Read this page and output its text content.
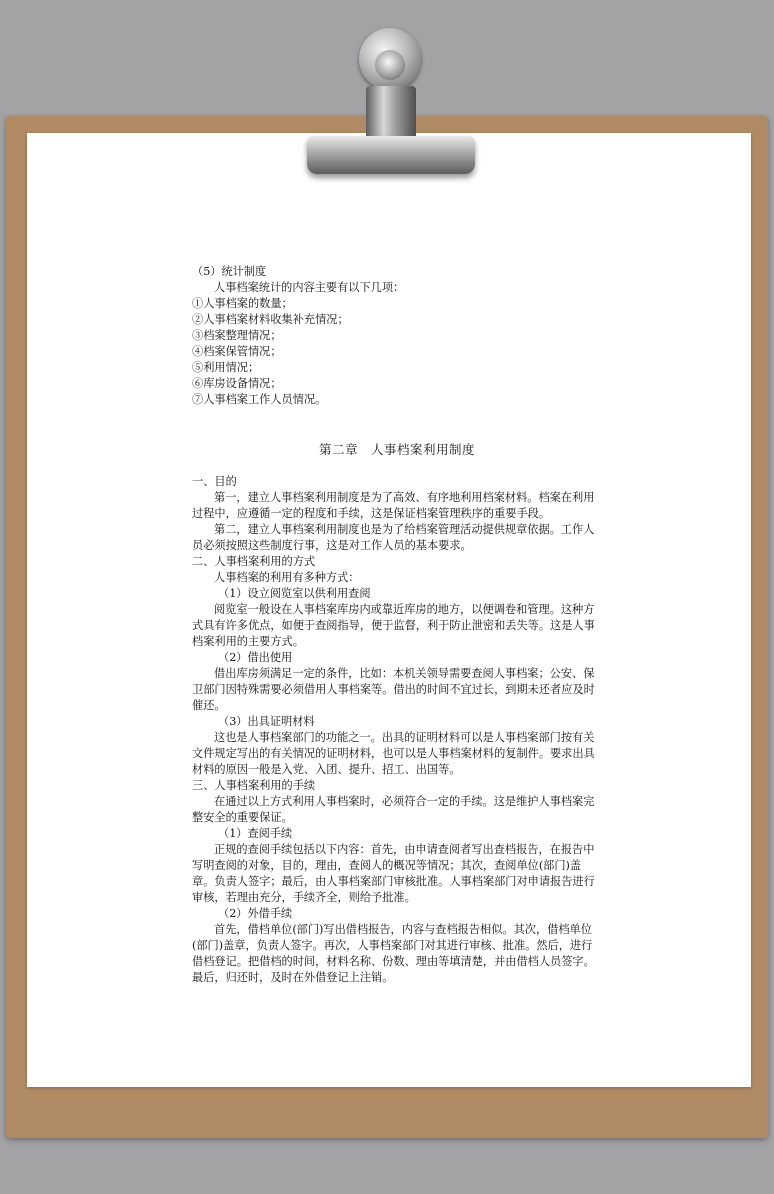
（5）统计制度

人事档案统计的内容主要有以下几项：

①人事档案的数量；

②人事档案材料收集补充情况；

③档案整理情况；

④档案保管情况；

⑤利用情况；

⑥库房设备情况；

⑦人事档案工作人员情况。

第二章　人事档案利用制度

一、目的

第一，建立人事档案利用制度是为了高效、有序地利用档案材料。档案在利用过程中，应遵循一定的程度和手续，这是保证档案管理秩序的重要手段。

第二，建立人事档案利用制度也是为了给档案管理活动提供规章依据。工作人员必须按照这些制度行事，这是对工作人员的基本要求。

二、人事档案利用的方式

人事档案的利用有多种方式：

（1）设立阅览室以供利用查阅

阅览室一般设在人事档案库房内或靠近库房的地方，以便调卷和管理。这种方式具有许多优点，如便于查阅指导，便于监督，利于防止泄密和丢失等。这是人事档案利用的主要方式。

（2）借出使用

借出库房须满足一定的条件，比如：本机关领导需要查阅人事档案；公安、保卫部门因特殊需要必须借用人事档案等。借出的时间不宜过长，到期未还者应及时催还。

（3）出具证明材料

这也是人事档案部门的功能之一。出具的证明材料可以是人事档案部门按有关文件规定写出的有关情况的证明材料，也可以是人事档案材料的复制件。要求出具材料的原因一般是入党、入团、提升、招工、出国等。

三、人事档案利用的手续

在通过以上方式利用人事档案时，必须符合一定的手续。这是维护人事档案完整安全的重要保证。

（1）查阅手续

正规的查阅手续包括以下内容：首先，由申请查阅者写出查档报告，在报告中写明查阅的对象，目的，理由，查阅人的概况等情况；其次，查阅单位(部门)盖章。负责人签字；最后，由人事档案部门审核批准。人事档案部门对申请报告进行审核，若理由充分，手续齐全，则给予批准。

（2）外借手续

首先，借档单位(部门)写出借档报告，内容与查档报告相似。其次，借档单位(部门)盖章，负责人签字。再次，人事档案部门对其进行审核、批准。然后，进行借档登记。把借档的时间，材料名称、份数、理由等填清楚，并由借档人员签字。最后，归还时，及时在外借登记上注销。
